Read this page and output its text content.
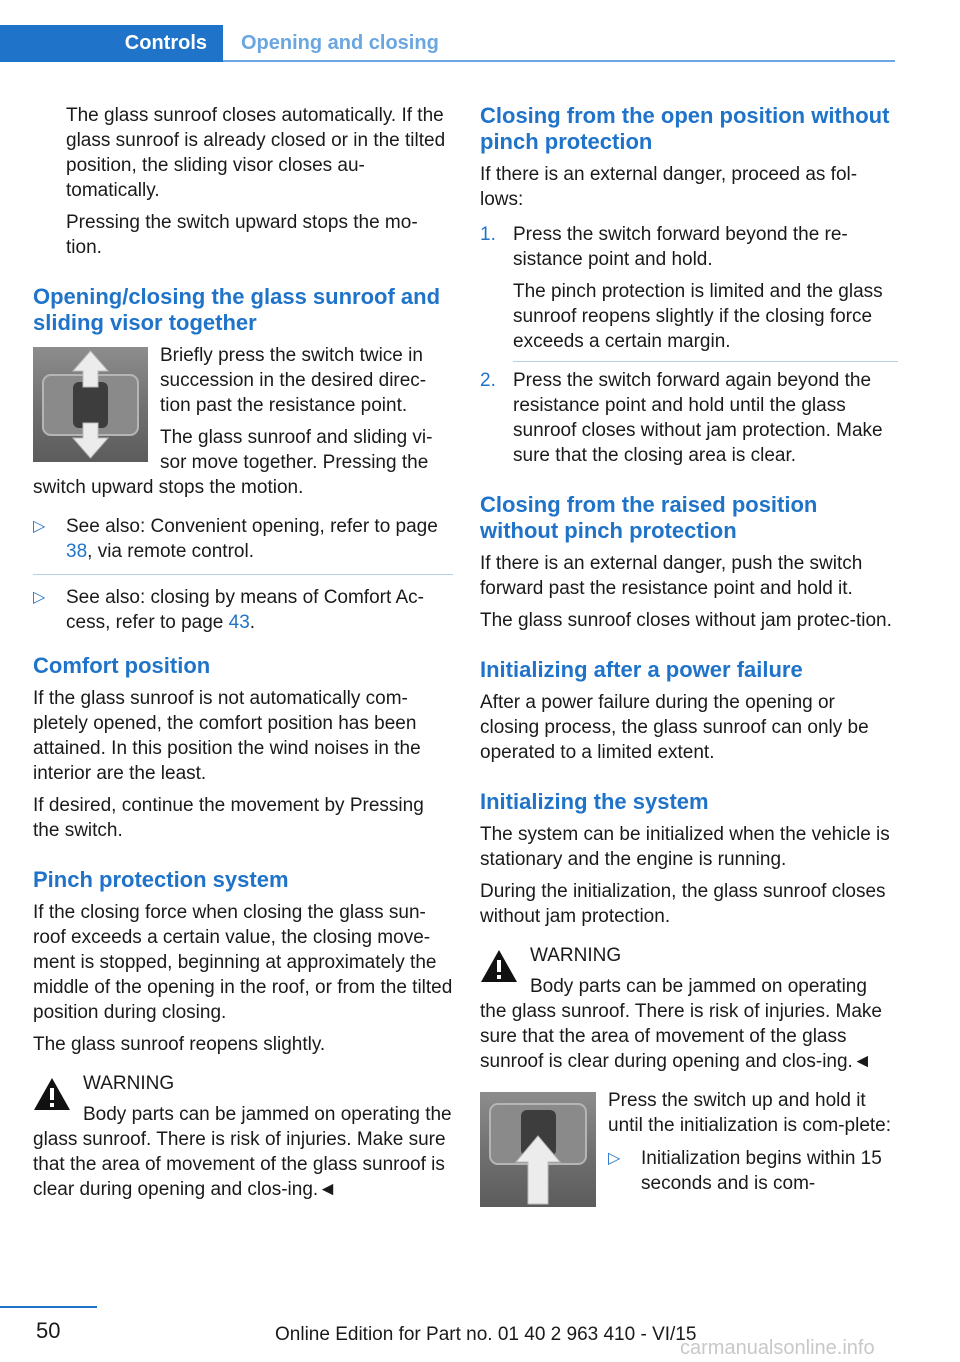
Controls	Opening and closing

The glass sunroof closes automatically. If the glass sunroof is already closed or in the tilted position, the sliding visor closes au-tomatically.

Pressing the switch upward stops the mo-tion.

Opening/closing the glass sunroof and sliding visor together

Briefly press the switch twice in succession in the desired direc-tion past the resistance point.

The glass sunroof and sliding vi-sor move together. Pressing the switch upward stops the motion.

▷ See also: Convenient opening, refer to page 38, via remote control.
▷ See also: closing by means of Comfort Ac-cess, refer to page 43.
Comfort position

If the glass sunroof is not automatically com-pletely opened, the comfort position has been attained. In this position the wind noises in the interior are the least.

If desired, continue the movement by Pressing the switch.

Pinch protection system

If the closing force when closing the glass sun-roof exceeds a certain value, the closing move-ment is stopped, beginning at approximately the middle of the opening in the roof, or from the tilted position during closing.

The glass sunroof reopens slightly.

WARNING
Body parts can be jammed on operating the glass sunroof. There is risk of injuries. Make sure that the area of movement of the glass sunroof is clear during opening and clos-ing.◄
Closing from the open position without pinch protection

If there is an external danger, proceed as fol-lows:

1. Press the switch forward beyond the re-sistance point and hold.

The pinch protection is limited and the glass sunroof reopens slightly if the closing force exceeds a certain margin.

2. Press the switch forward again beyond the resistance point and hold until the glass sunroof closes without jam protection. Make sure that the closing area is clear.

Closing from the raised position without pinch protection

If there is an external danger, push the switch forward past the resistance point and hold it.

The glass sunroof closes without jam protec-tion.

Initializing after a power failure

After a power failure during the opening or closing process, the glass sunroof can only be operated to a limited extent.

Initializing the system

The system can be initialized when the vehicle is stationary and the engine is running.

During the initialization, the glass sunroof closes without jam protection.

WARNING
Body parts can be jammed on operating the glass sunroof. There is risk of injuries. Make sure that the area of movement of the glass sunroof is clear during opening and clos-ing.◄

Press the switch up and hold it until the initialization is com-plete:

▷ Initialization begins within 15 seconds and is com-
50	Online Edition for Part no. 01 40 2 963 410 - VI/15
carmanualsonline.info
